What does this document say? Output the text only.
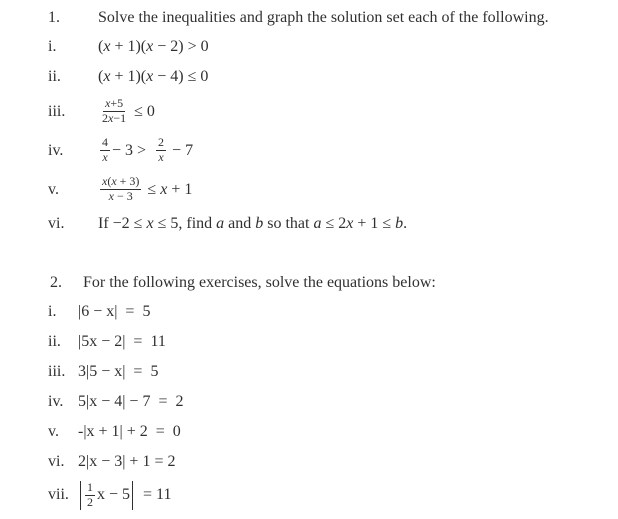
1.	Solve the inequalities and graph the solution set each of the following.
i.	( x + 1)( x − 2) > 0
ii.	( x + 1)( x − 4) ≤ 0
iii.	$\frac{x +5}{2 x -1} \le 0$
iv.	$\frac{4}{x} - 3 > \frac{2}{x} - 7$
v.	$\frac{x ( x + 3)}{x - 3} \le x + 1$
vi.	If −2 ≤ x ≤ 5, find a and b so that a ≤ 2 x + 1 ≤ b .
2.	For the following exercises, solve the equations below:
i.	|6 − x|  =  5
ii.	|5x − 2|  =  11
iii. 3|5 − x|  =  5
iv. 5|x − 4| − 7  =  2
v.	-|x + 1| + 2  =  0
vi. 2|x − 3| + 1 = 2
vii.	$\frac{1}{2}$ x − 5 = 11
